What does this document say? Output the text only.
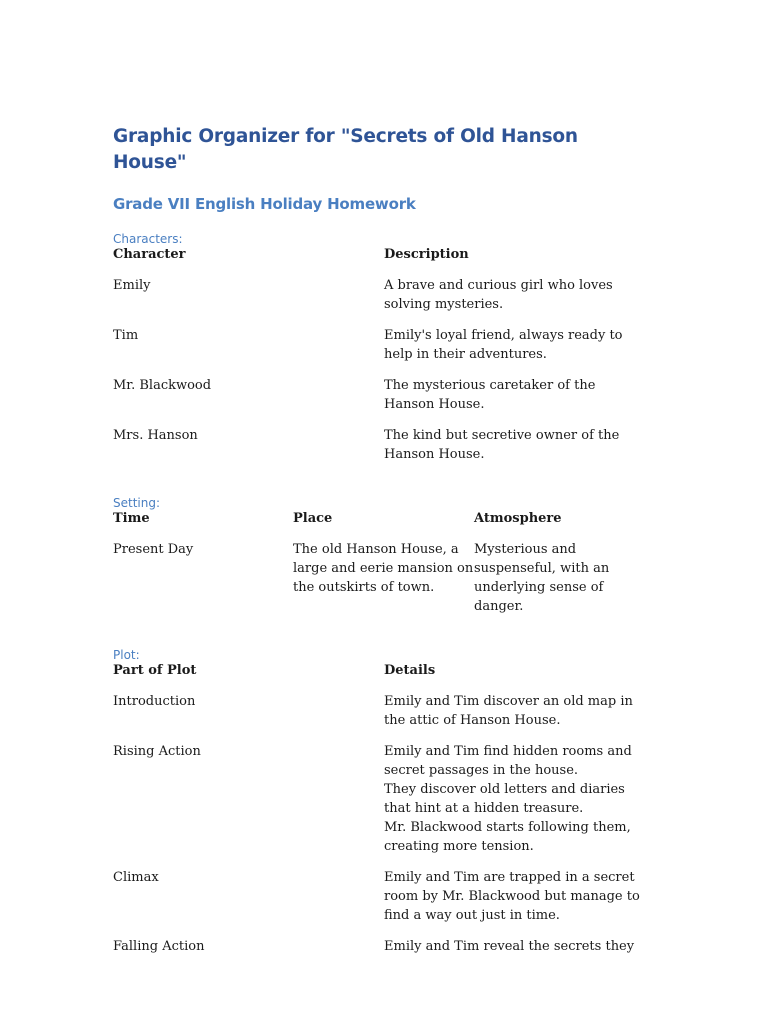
Graphic Organizer for "Secrets of Old Hanson House"
Grade VII English Holiday Homework
Characters:
Character	Description
Emily	A brave and curious girl who loves solving mysteries.
Tim	Emily's loyal friend, always ready to help in their adventures.
Mr. Blackwood	The mysterious caretaker of the Hanson House.
Mrs. Hanson	The kind but secretive owner of the Hanson House.
Setting:
Time	Place	Atmosphere
Present Day	The old Hanson House, a large and eerie mansion on the outskirts of town.	Mysterious and suspenseful, with an underlying sense of danger.
Plot:
Part of Plot	Details
Introduction	Emily and Tim discover an old map in the attic of Hanson House.

Rising Action	Emily and Tim find hidden rooms and secret passages in the house.
They discover old letters and diaries that hint at a hidden treasure.
Mr. Blackwood starts following them, creating more tension.

Climax	Emily and Tim are trapped in a secret room by Mr. Blackwood but manage to find a way out just in time.

Falling Action	Emily and Tim reveal the secrets they
